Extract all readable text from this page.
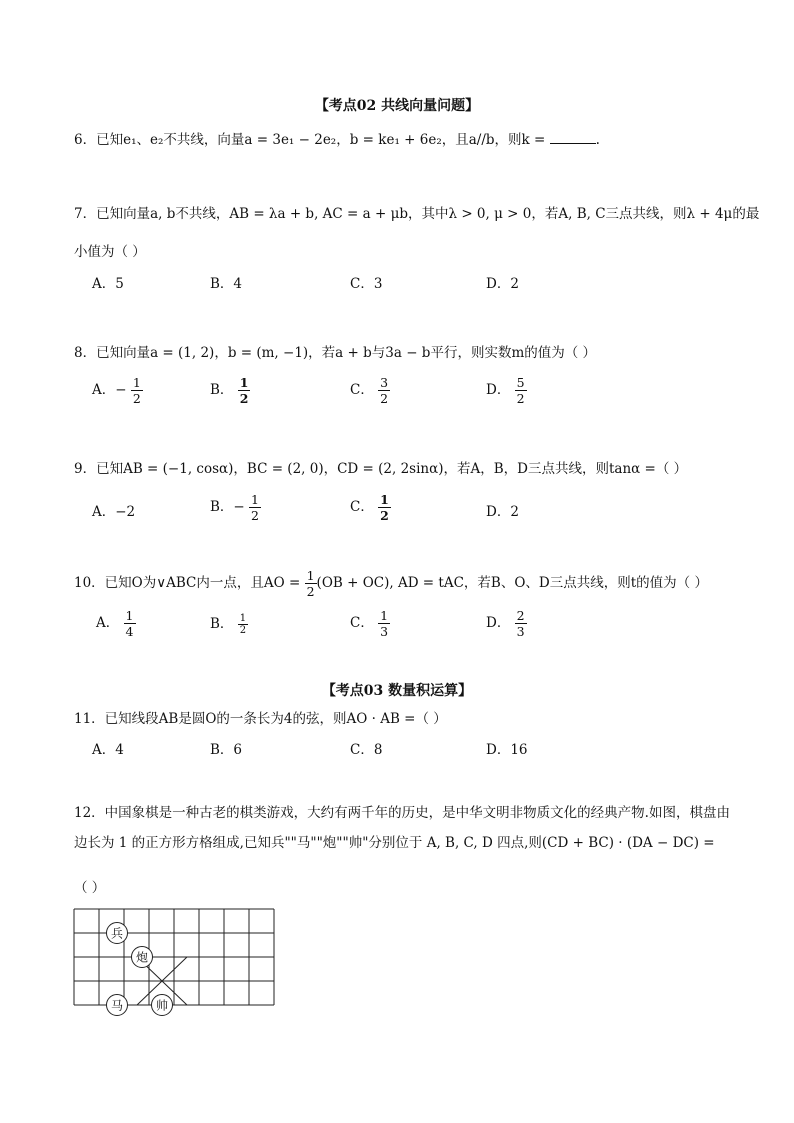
【考点02 共线向量问题】
6．已知e₁、e₂不共线，向量a = 3e₁ − 2e₂，b = ke₁ + 6e₂，且a//b，则k =	.
7．已知向量a, b不共线，AB = λa + b, AC = a + μb，其中λ > 0, μ > 0，若A, B, C三点共线，则λ + 4μ的最
小值为（ ）
A．5	B．4	C．3	D．2
8．已知向量a = (1, 2)，b = (m, −1)，若a + b与3a − b平行，则实数m的值为（ ）
A．− $\frac{1}{2}$	B． $\frac{1}{2}$	C． $\frac{3}{2}$	D． $\frac{5}{2}$
9．已知AB = (−1, cosα)，BC = (2, 0)，CD = (2, 2sinα)，若A，B，D三点共线，则tanα =（ ）
A．−2	B．− $\frac{1}{2}$	C． $\frac{1}{2}$	D．2
10．已知O为∨ABC内一点，且AO = $\frac{1}{2} (OB + OC)$, AD = tAC，若B、O、D三点共线，则t的值为（ ）
A． $\frac{1}{4}$	B． $\frac{1}{2}$	C． $\frac{1}{3}$	D． $\frac{2}{3}$
【考点03 数量积运算】
11．已知线段AB是圆O的一条长为4的弦，则AO · AB =（ ）
A．4	B．6	C．8	D．16
12．中国象棋是一种古老的棋类游戏，大约有两千年的历史，是中华文明非物质文化的经典产物.如图，棋盘由边长为 1 的正方形方格组成,已知兵""马""炮""帅"分别位于 A, B, C, D 四点,则(CD + BC) · (DA − DC) =
（ ）
兵
炮
马	帅
